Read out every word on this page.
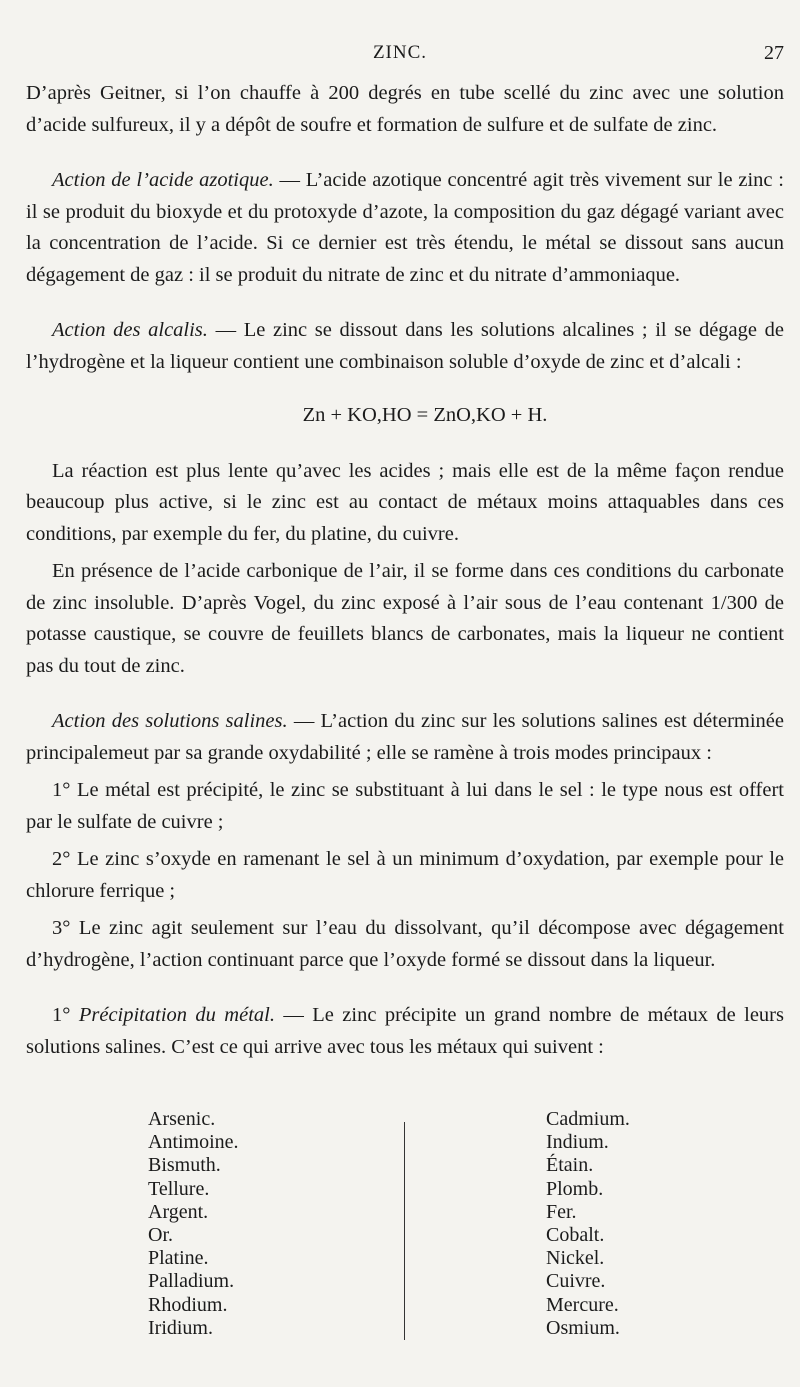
ZINC.	27

D’après Geitner, si l’on chauffe à 200 degrés en tube scellé du zinc avec une solution d’acide sulfureux, il y a dépôt de soufre et formation de sulfure et de sulfate de zinc.

Action de l’acide azotique. — L’acide azotique concentré agit très vivement sur le zinc : il se produit du bioxyde et du protoxyde d’azote, la composition du gaz dégagé variant avec la concentration de l’acide. Si ce dernier est très étendu, le métal se dissout sans aucun dégagement de gaz : il se produit du nitrate de zinc et du nitrate d’ammoniaque.

Action des alcalis. — Le zinc se dissout dans les solutions alcalines ; il se dégage de l’hydrogène et la liqueur contient une combinaison soluble d’oxyde de zinc et d’alcali :

Zn + KO,HO = ZnO,KO + H.

La réaction est plus lente qu’avec les acides ; mais elle est de la même façon rendue beaucoup plus active, si le zinc est au contact de métaux moins attaquables dans ces conditions, par exemple du fer, du platine, du cuivre.

En présence de l’acide carbonique de l’air, il se forme dans ces conditions du carbonate de zinc insoluble. D’après Vogel, du zinc exposé à l’air sous de l’eau contenant 1/300 de potasse caustique, se couvre de feuillets blancs de carbonates, mais la liqueur ne contient pas du tout de zinc.

Action des solutions salines. — L’action du zinc sur les solutions salines est déterminée principalemeut par sa grande oxydabilité ; elle se ramène à trois modes principaux :

1° Le métal est précipité, le zinc se substituant à lui dans le sel : le type nous est offert par le sulfate de cuivre ;

2° Le zinc s’oxyde en ramenant le sel à un minimum d’oxydation, par exemple pour le chlorure ferrique ;

3° Le zinc agit seulement sur l’eau du dissolvant, qu’il décompose avec dégagement d’hydrogène, l’action continuant parce que l’oxyde formé se dissout dans la liqueur.

1° Précipitation du métal. — Le zinc précipite un grand nombre de métaux de leurs solutions salines. C’est ce qui arrive avec tous les métaux qui suivent :

Arsenic.
Antimoine.
Bismuth.
Tellure.
Argent.
Or.
Platine.
Palladium.
Rhodium.
Iridium.
Cadmium.
Indium.
Étain.
Plomb.
Fer.
Cobalt.
Nickel.
Cuivre.
Mercure.
Osmium.
